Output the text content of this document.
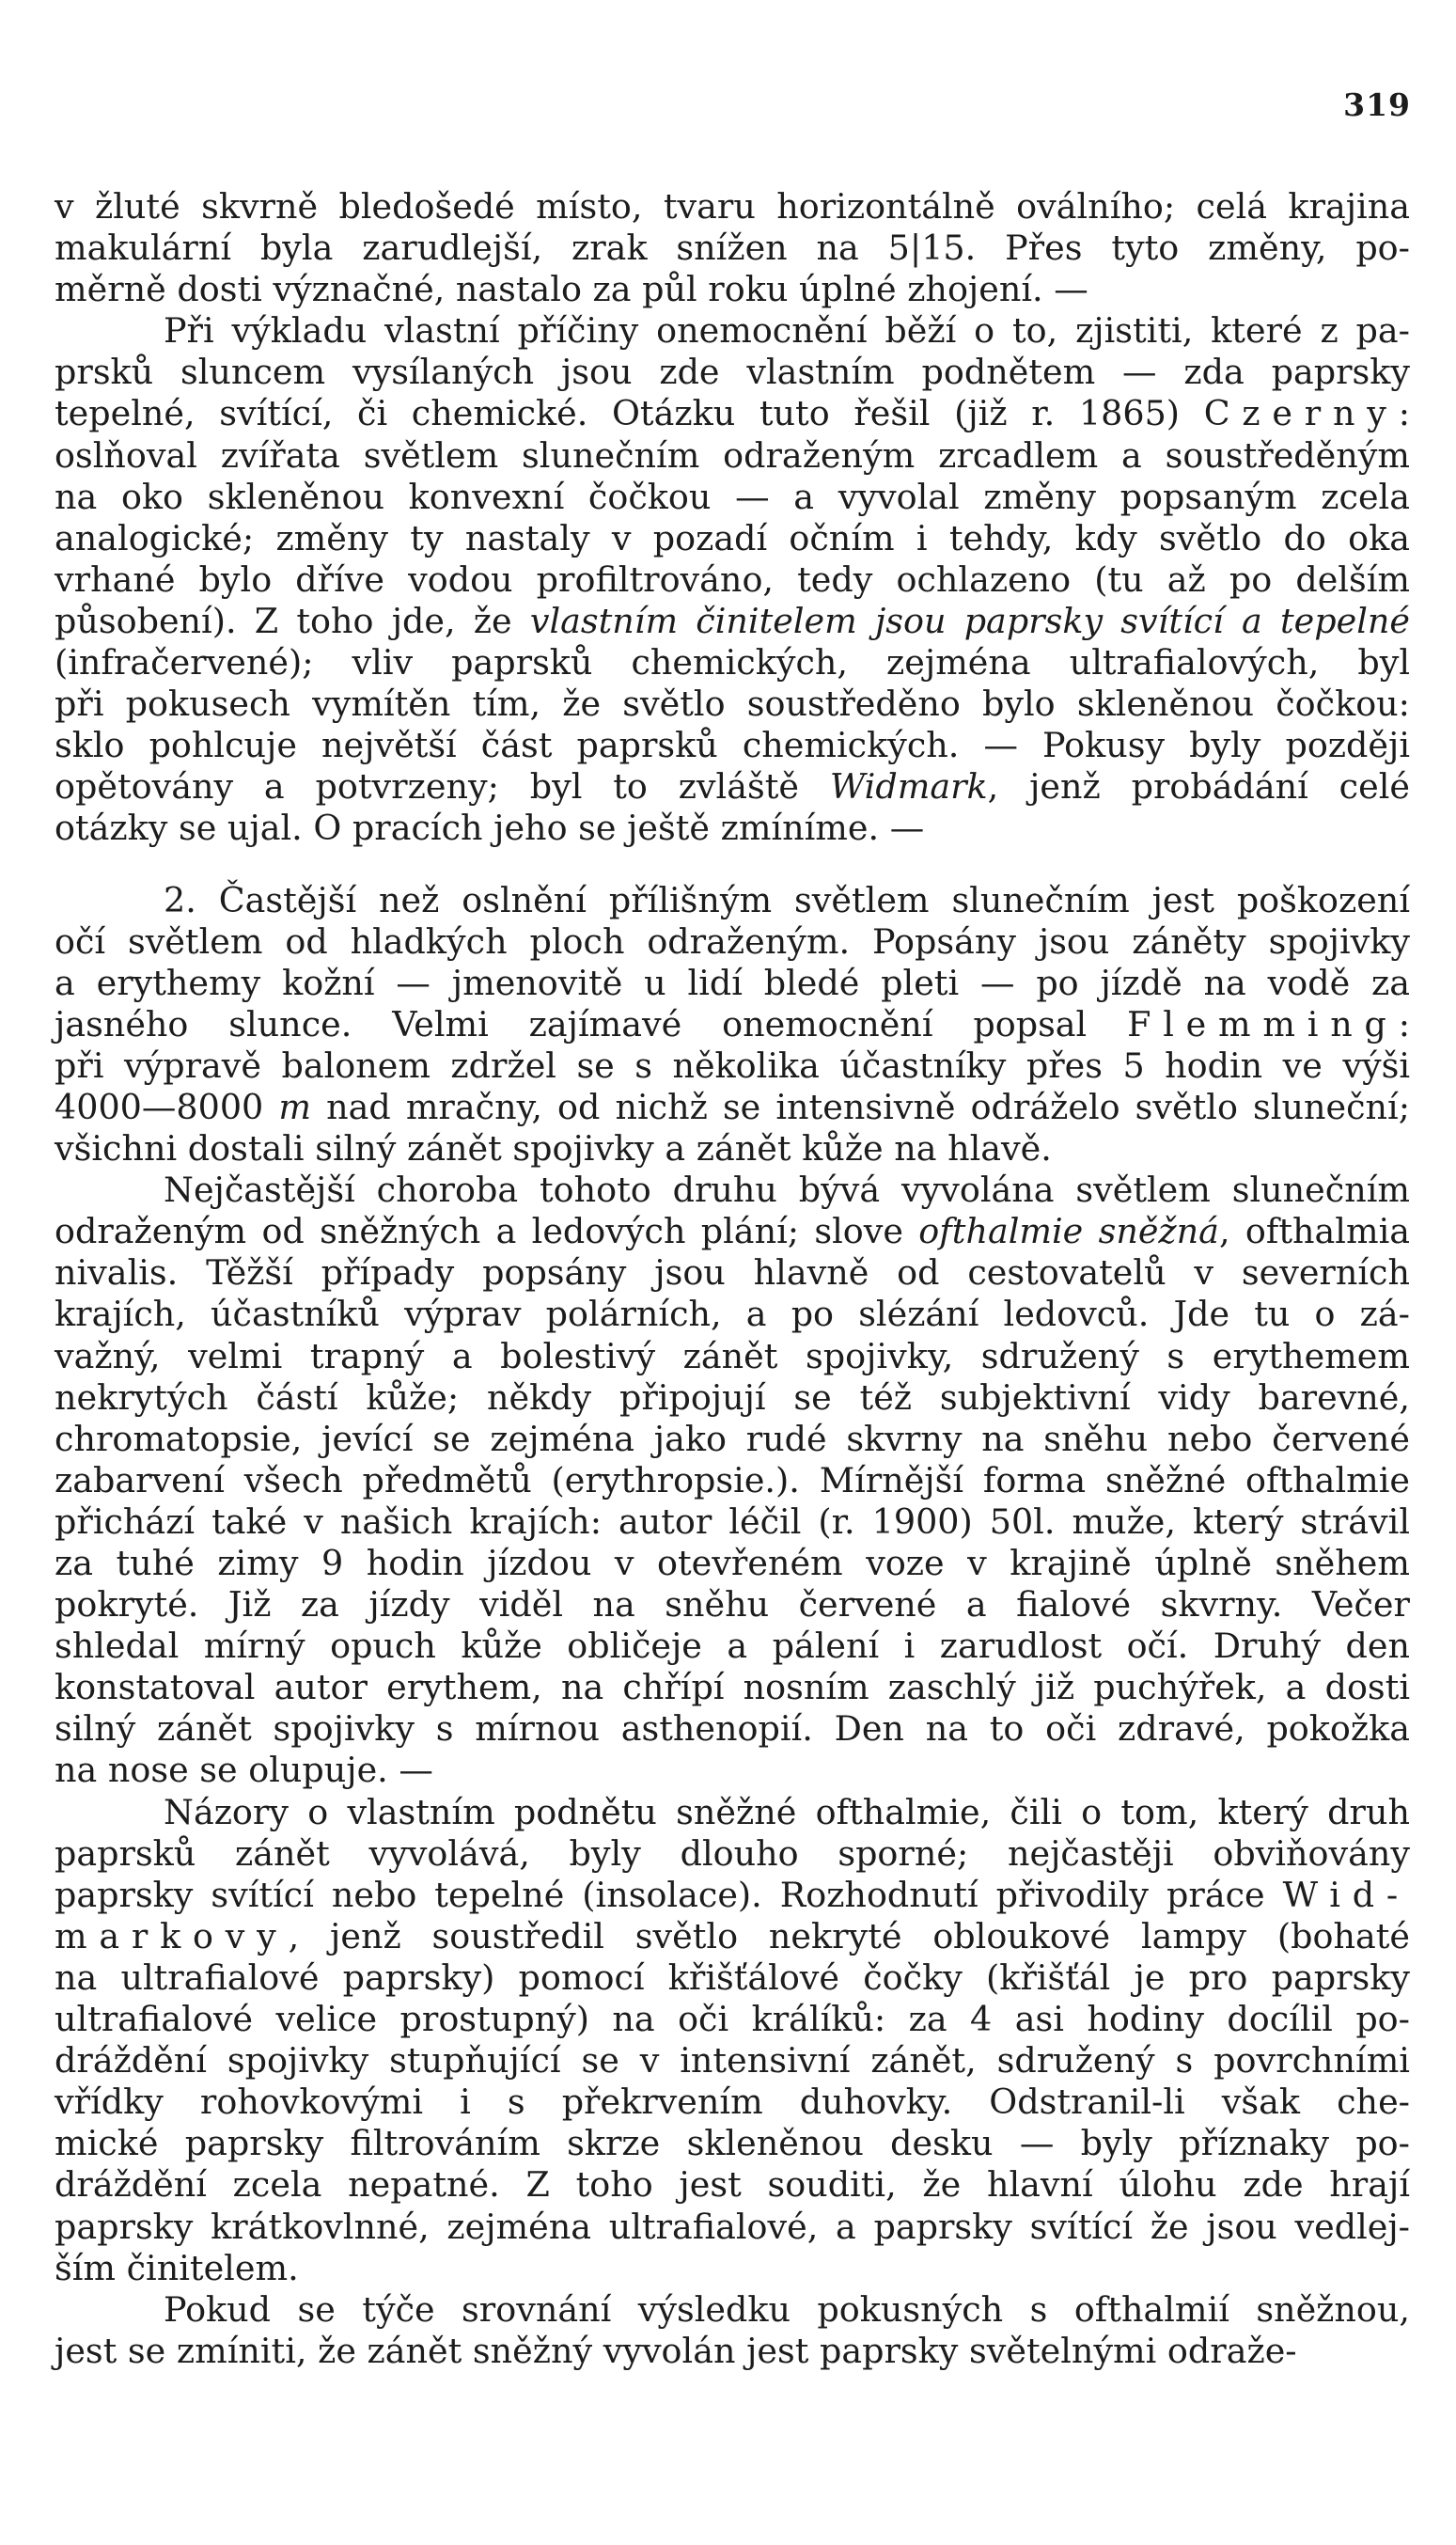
319
v žluté skvrně bledošedé místo, tvaru horizontálně oválního; celá krajina
makulární byla zarudlejší, zrak snížen na 5|15. Přes tyto změny, po-
měrně dosti význačné, nastalo za půl roku úplné zhojení. —
Při výkladu vlastní příčiny onemocnění běží o to, zjistiti, které z pa-
prsků sluncem vysílaných jsou zde vlastním podnětem — zda paprsky
tepelné, svítící, či chemické. Otázku tuto řešil (již r. 1865) Czerny:
oslňoval zvířata světlem slunečním odraženým zrcadlem a soustředěným
na oko skleněnou konvexní čočkou — a vyvolal změny popsaným zcela
analogické; změny ty nastaly v pozadí očním i tehdy, kdy světlo do oka
vrhané bylo dříve vodou profiltrováno, tedy ochlazeno (tu až po delším
působení). Z toho jde, že vlastním činitelem jsou paprsky svítící a tepelné
(infračervené); vliv paprsků chemických, zejména ultrafialových, byl
při pokusech vymítěn tím, že světlo soustředěno bylo skleněnou čočkou:
sklo pohlcuje největší část paprsků chemických. — Pokusy byly později
opětovány a potvrzeny; byl to zvláště Widmark, jenž probádání celé
otázky se ujal. O pracích jeho se ještě zmíníme. —
2. Častější než oslnění přílišným světlem slunečním jest poškození
očí světlem od hladkých ploch odraženým. Popsány jsou záněty spojivky
a erythemy kožní — jmenovitě u lidí bledé pleti — po jízdě na vodě za
jasného slunce. Velmi zajímavé onemocnění popsal Flemming:
při výpravě balonem zdržel se s několika účastníky přes 5 hodin ve výši
4000—8000 m nad mračny, od nichž se intensivně odráželo světlo sluneční;
všichni dostali silný zánět spojivky a zánět kůže na hlavě.
Nejčastější choroba tohoto druhu bývá vyvolána světlem slunečním
odraženým od sněžných a ledových plání; slove ofthalmie sněžná, ofthalmia
nivalis. Těžší případy popsány jsou hlavně od cestovatelů v severních
krajích, účastníků výprav polárních, a po slézání ledovců. Jde tu o zá-
važný, velmi trapný a bolestivý zánět spojivky, sdružený s erythemem
nekrytých částí kůže; někdy připojují se též subjektivní vidy barevné,
chromatopsie, jevící se zejména jako rudé skvrny na sněhu nebo červené
zabarvení všech předmětů (erythropsie.). Mírnější forma sněžné ofthalmie
přichází také v našich krajích: autor léčil (r. 1900) 50l. muže, který strávil
za tuhé zimy 9 hodin jízdou v otevřeném voze v krajině úplně sněhem
pokryté. Již za jízdy viděl na sněhu červené a fialové skvrny. Večer
shledal mírný opuch kůže obličeje a pálení i zarudlost očí. Druhý den
konstatoval autor erythem, na chřípí nosním zaschlý již puchýřek, a dosti
silný zánět spojivky s mírnou asthenopií. Den na to oči zdravé, pokožka
na nose se olupuje. —
Názory o vlastním podnětu sněžné ofthalmie, čili o tom, který druh
paprsků zánět vyvolává, byly dlouho sporné; nejčastěji obviňovány
paprsky svítící nebo tepelné (insolace). Rozhodnutí přivodily práce Wid-
markovy, jenž soustředil světlo nekryté obloukové lampy (bohaté
na ultrafialové paprsky) pomocí křišťálové čočky (křišťál je pro paprsky
ultrafialové velice prostupný) na oči králíků: za 4 asi hodiny docílil po-
dráždění spojivky stupňující se v intensivní zánět, sdružený s povrchními
vřídky rohovkovými i s překrvením duhovky. Odstranil-li však che-
mické paprsky filtrováním skrze skleněnou desku — byly příznaky po-
dráždění zcela nepatné. Z toho jest souditi, že hlavní úlohu zde hrají
paprsky krátkovlnné, zejména ultrafialové, a paprsky svítící že jsou vedlej-
ším činitelem.
Pokud se týče srovnání výsledku pokusných s ofthalmií sněžnou,
jest se zmíniti, že zánět sněžný vyvolán jest paprsky světelnými odraže-
